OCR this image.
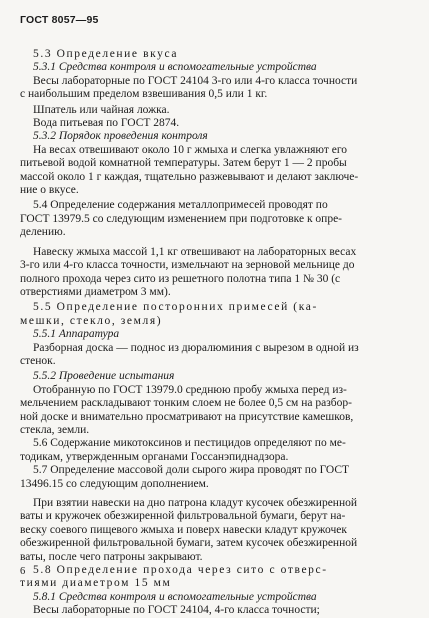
ГОСТ 8057—95
5.3 Определение вкуса
5.3.1 Средства контроля и вспомогательные устройства
Весы лабораторные по ГОСТ 24104 3-го или 4-го класса точности
с наибольшим пределом взвешивания 0,5 или 1 кг.
Шпатель или чайная ложка.
Вода питьевая по ГОСТ 2874.
5.3.2 Порядок проведения контроля
На весах отвешивают около 10 г жмыха и слегка увлажняют его
питьевой водой комнатной температуры. Затем берут 1 — 2 пробы
массой около 1 г каждая, тщательно разжевывают и делают заключе-
ние о вкусе.
5.4 Определение содержания металлопримесей проводят по
ГОСТ 13979.5 со следующим изменением при подготовке к опре-
делению.
Навеску жмыха массой 1,1 кг отвешивают на лабораторных весах
3-го или 4-го класса точности, измельчают на зерновой мельнице до
полного прохода через сито из решетного полотна типа 1 № 30 (с
отверстиями диаметром 3 мм).
5.5 Определение посторонних примесей (ка-
мешки, стекло, земля)
5.5.1 Аппаратура
Разборная доска — поднос из дюралюминия с вырезом в одной из
стенок.
5.5.2 Проведение испытания
Отобранную по ГОСТ 13979.0 среднюю пробу жмыха перед из-
мельчением раскладывают тонким слоем не более 0,5 см на разбор-
ной доске и внимательно просматривают на присутствие камешков,
стекла, земли.
5.6 Содержание микотоксинов и пестицидов определяют по ме-
тодикам, утвержденным органами Госсанэпиднадзора.
5.7 Определение массовой доли сырого жира проводят по ГОСТ
13496.15 со следующим дополнением.
При взятии навески на дно патрона кладут кусочек обезжиренной
ваты и кружочек обезжиренной фильтровальной бумаги, берут на-
веску соевого пищевого жмыха и поверх навески кладут кружочек
обезжиренной фильтровальной бумаги, затем кусочек обезжиренной
ваты, после чего патроны закрывают.
5.8 Определение прохода через сито с отверс-
тиями диаметром 15 мм
5.8.1 Средства контроля и вспомогательные устройства
Весы лабораторные по ГОСТ 24104, 4-го класса точности;
6
